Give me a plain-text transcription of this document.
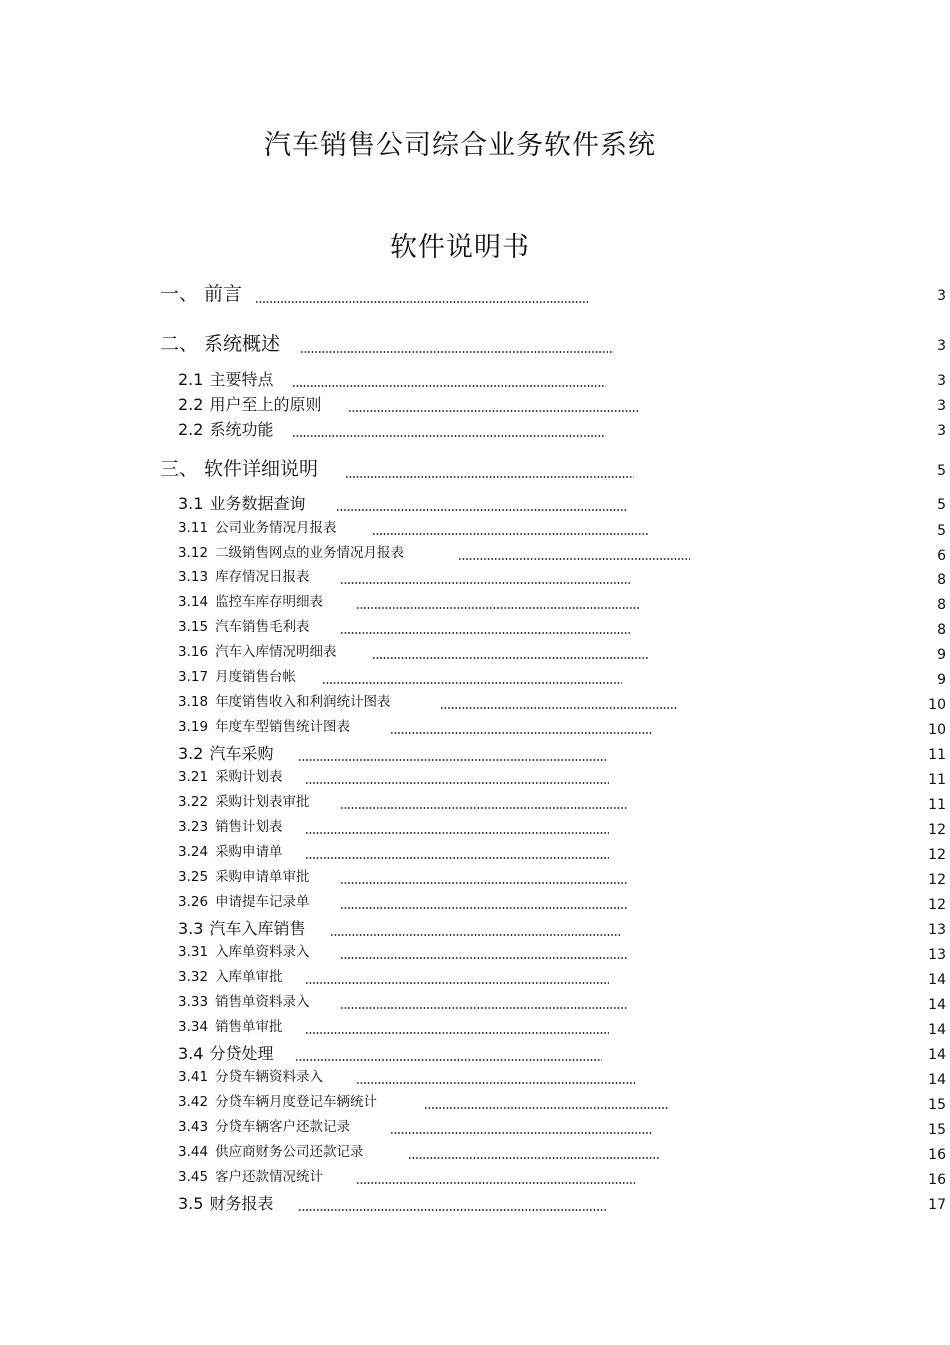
汽车销售公司综合业务软件系统
软件说明书
一、 前言	3
二、 系统概述	3
2.1 主要特点	3
2.2 用户至上的原则	3
2.2 系统功能	3
三、 软件详细说明	5
3.1 业务数据查询	5
3.11 公司业务情况月报表	5
3.12 二级销售网点的业务情况月报表	6
3.13 库存情况日报表	8
3.14 监控车库存明细表	8
3.15 汽车销售毛利表	8
3.16 汽车入库情况明细表	9
3.17 月度销售台帐	9
3.18 年度销售收入和利润统计图表	10
3.19 年度车型销售统计图表	10
3.2 汽车采购	11
3.21 采购计划表	11
3.22 采购计划表审批	11
3.23 销售计划表	12
3.24 采购申请单	12
3.25 采购申请单审批	12
3.26 申请提车记录单	12
3.3 汽车入库销售	13
3.31 入库单资料录入	13
3.32 入库单审批	14
3.33 销售单资料录入	14
3.34 销售单审批	14
3.4 分贷处理	14
3.41 分贷车辆资料录入	14
3.42 分贷车辆月度登记车辆统计	15
3.43 分贷车辆客户还款记录	15
3.44 供应商财务公司还款记录	16
3.45 客户还款情况统计	16
3.5 财务报表	17
